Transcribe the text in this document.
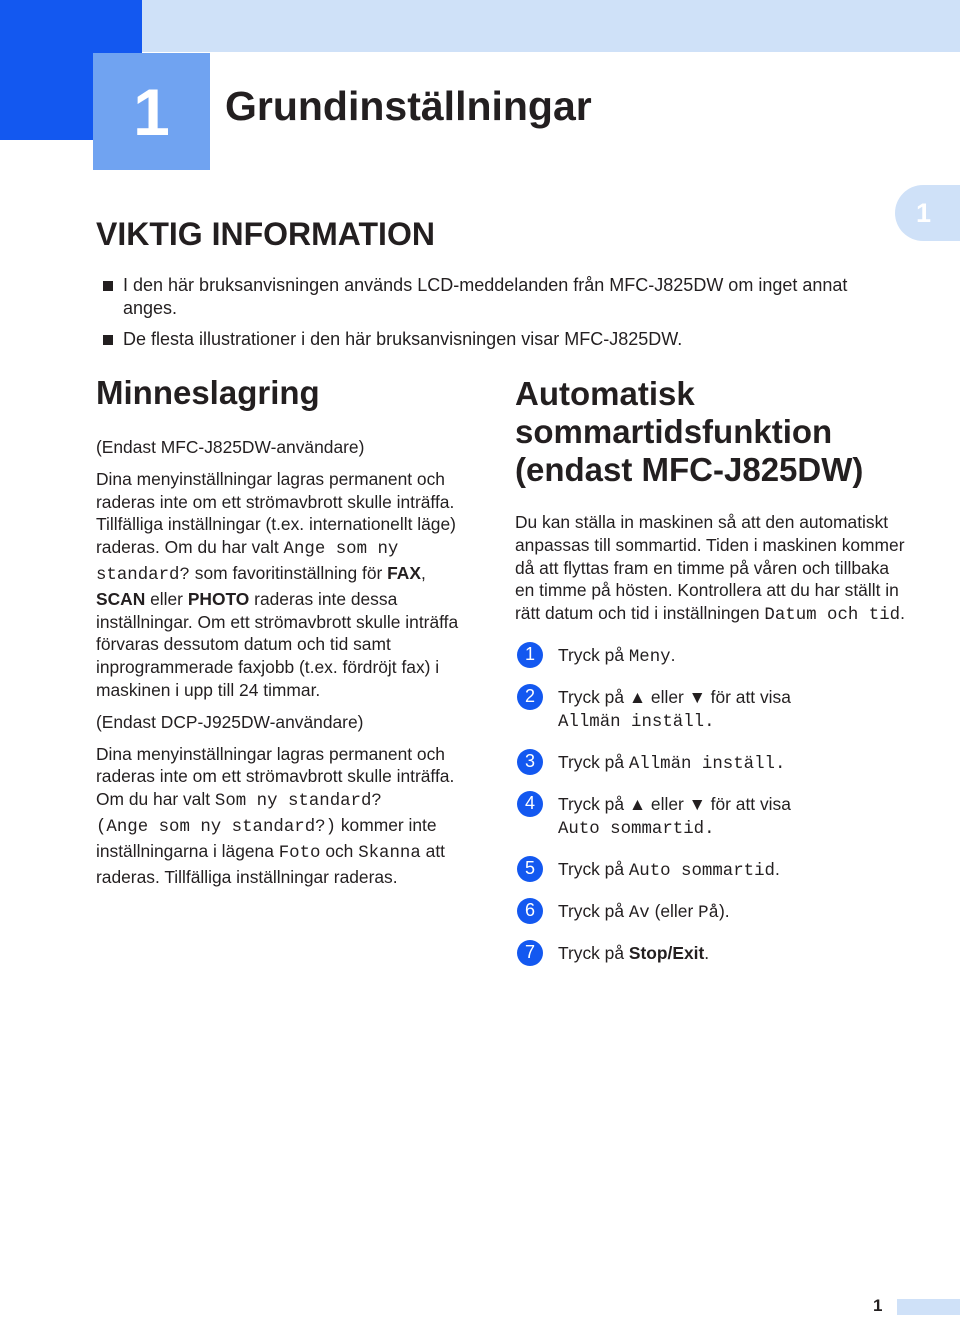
1 Grundinställningar
1
VIKTIG INFORMATION
I den här bruksanvisningen används LCD-meddelanden från MFC-J825DW om inget annat anges.
De flesta illustrationer i den här bruksanvisningen visar MFC-J825DW.
Minneslagring

(Endast MFC-J825DW-användare)

Dina menyinställningar lagras permanent och raderas inte om ett strömavbrott skulle inträffa. Tillfälliga inställningar (t.ex. internationellt läge) raderas. Om du har valt Ange som ny standard? som favoritinställning för FAX, SCAN eller PHOTO raderas inte dessa inställningar. Om ett strömavbrott skulle inträffa förvaras dessutom datum och tid samt inprogrammerade faxjobb (t.ex. fördröjt fax) i maskinen i upp till 24 timmar.

(Endast DCP-J925DW-användare)

Dina menyinställningar lagras permanent och raderas inte om ett strömavbrott skulle inträffa. Om du har valt Som ny standard?
(Ange som ny standard?) kommer inte inställningarna i lägena Foto och Skanna att raderas. Tillfälliga inställningar raderas.

Automatisk sommartidsfunktion (endast MFC-J825DW)

Du kan ställa in maskinen så att den automatiskt anpassas till sommartid. Tiden i maskinen kommer då att flyttas fram en timme på våren och tillbaka en timme på hösten. Kontrollera att du har ställt in rätt datum och tid i inställningen Datum och tid.

1	Tryck på Meny.
2	Tryck på ▲ eller ▼ för att visa
Allmän inställ.
3	Tryck på Allmän inställ.
4	Tryck på ▲ eller ▼ för att visa
Auto sommartid.
5	Tryck på Auto sommartid.
6	Tryck på Av (eller På).
7	Tryck på Stop/Exit.
1
